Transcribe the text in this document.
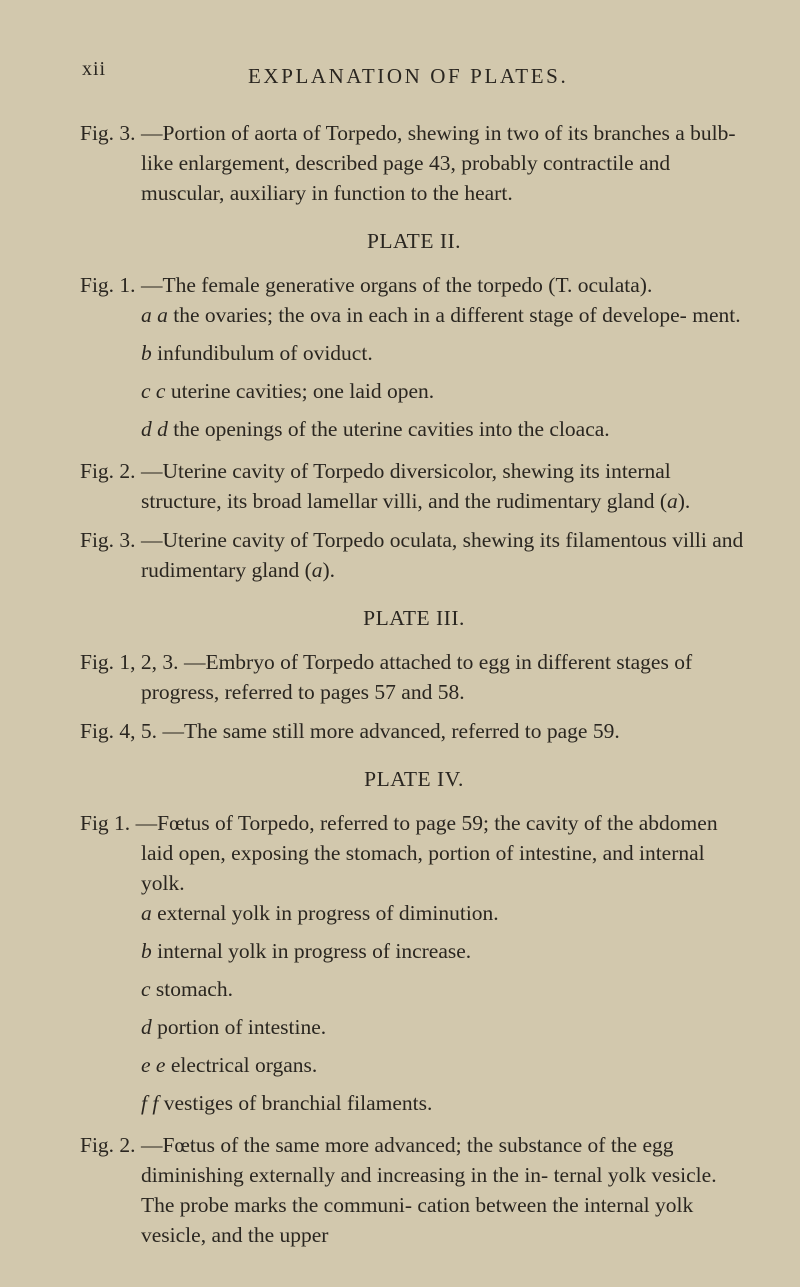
xii	EXPLANATION OF PLATES.

Fig. 3. —Portion of aorta of Torpedo, shewing in two of its branches a bulb-like enlargement, described page 43, probably contractile and muscular, auxiliary in function to the heart.

PLATE II.

Fig. 1. —The female generative organs of the torpedo (T. oculata).

a a the ovaries; the ova in each in a different stage of develope- ment.

b infundibulum of oviduct.

c c uterine cavities; one laid open.

d d the openings of the uterine cavities into the cloaca.

Fig. 2. —Uterine cavity of Torpedo diversicolor, shewing its internal structure, its broad lamellar villi, and the rudimentary gland (a).

Fig. 3. —Uterine cavity of Torpedo oculata, shewing its filamentous villi and rudimentary gland (a).

PLATE III.

Fig. 1, 2, 3. —Embryo of Torpedo attached to egg in different stages of progress, referred to pages 57 and 58.

Fig. 4, 5. —The same still more advanced, referred to page 59.

PLATE IV.

Fig 1. —Fœtus of Torpedo, referred to page 59; the cavity of the abdomen laid open, exposing the stomach, portion of intestine, and internal yolk.

a external yolk in progress of diminution.

b internal yolk in progress of increase.

c stomach.

d portion of intestine.

e e electrical organs.

f f vestiges of branchial filaments.

Fig. 2. —Fœtus of the same more advanced; the substance of the egg diminishing externally and increasing in the in- ternal yolk vesicle. The probe marks the communi- cation between the internal yolk vesicle, and the upper
